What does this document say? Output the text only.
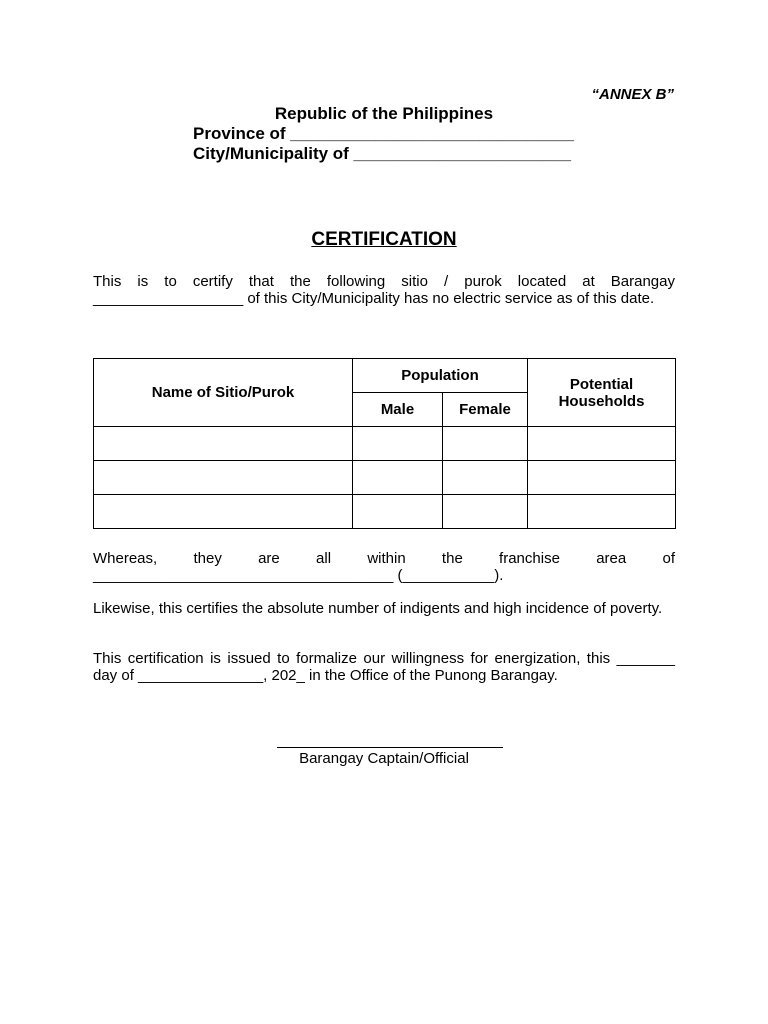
“ANNEX B”
Republic of the Philippines
Province of ______________________________
City/Municipality of _______________________
CERTIFICATION
This is to certify that the following sitio / purok located at Barangay __________________ of this City/Municipality has no electric service as of this date.
Name of Sitio/Purok	Population		Potential Households
	Male	Female	

Whereas, they are all within the franchise area of
____________________________________ (___________).
Likewise, this certifies the absolute number of indigents and high incidence of poverty.
This certification is issued to formalize our willingness for energization, this _______ day of _______________, 202_ in the Office of the Punong Barangay.
Barangay Captain/Official
